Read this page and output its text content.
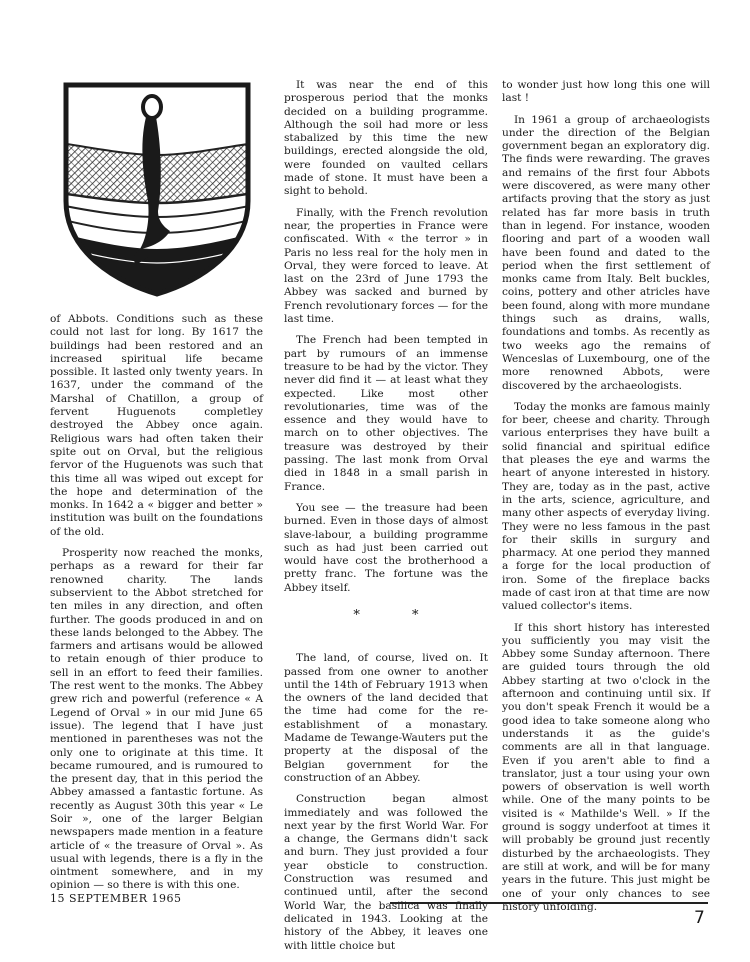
of Abbots. Conditions such as these could not last for long. By 1617 the buildings had been restored and an increased spiritual life became possible. It lasted only twenty years. In 1637, under the command of the Marshal of Chatillon, a group of fervent Huguenots completley destroyed the Abbey once again. Religious wars had often taken their spite out on Orval, but the religious fervor of the Huguenots was such that this time all was wiped out except for the hope and determination of the monks. In 1642 a « bigger and better » institution was built on the foundations of the old.

Prosperity now reached the monks, perhaps as a reward for their far renowned charity. The lands subservient to the Abbot stretched for ten miles in any direction, and often further. The goods produced in and on these lands belonged to the Abbey. The farmers and artisans would be allowed to retain enough of thier produce to sell in an effort to feed their families. The rest went to the monks. The Abbey grew rich and powerful (reference « A Legend of Orval » in our mid June 65 issue). The legend that I have just mentioned in parentheses was not the only one to originate at this time. It became rumoured, and is rumoured to the present day, that in this period the Abbey amassed a fantastic fortune. As recently as August 30th this year « Le Soir », one of the larger Belgian newspapers made mention in a feature article of « the treasure of Orval ». As usual with legends, there is a fly in the ointment somewhere, and in my opinion — so there is with this one.

It was near the end of this prosperous period that the monks decided on a building programme. Although the soil had more or less stabalized by this time the new buildings, erected alongside the old, were founded on vaulted cellars made of stone. It must have been a sight to behold.

Finally, with the French revolution near, the properties in France were confiscated. With « the terror » in Paris no less real for the holy men in Orval, they were forced to leave. At last on the 23rd of June 1793 the Abbey was sacked and burned by French revolutionary forces — for the last time.

The French had been tempted in part by rumours of an immense treasure to be had by the victor. They never did find it — at least what they expected. Like most other revolutionaries, time was of the essence and they would have to march on to other objectives. The treasure was destroyed by their passing. The last monk from Orval died in 1848 in a small parish in France.

You see — the treasure had been burned. Even in those days of almost slave-labour, a building programme such as had just been carried out would have cost the brotherhood a pretty franc. The fortune was the Abbey itself.

* *

The land, of course, lived on. It passed from one owner to another until the 14th of February 1913 when the owners of the land decided that the time had come for the re-establishment of a monastary. Madame de Tewange-Wauters put the property at the disposal of the Belgian government for the construction of an Abbey.

Construction began almost immediately and was followed the next year by the first World War. For a change, the Germans didn't sack and burn. They just provided a four year obsticle to construction. Construction was resumed and continued until, after the second World War, the basilica was finally delicated in 1943. Looking at the history of the Abbey, it leaves one with little choice but

to wonder just how long this one will last !

In 1961 a group of archaeologists under the direction of the Belgian government began an exploratory dig. The finds were rewarding. The graves and remains of the first four Abbots were discovered, as were many other artifacts proving that the story as just related has far more basis in truth than in legend. For instance, wooden flooring and part of a wooden wall have been found and dated to the period when the first settlement of monks came from Italy. Belt buckles, coins, pottery and other atricles have been found, along with more mundane things such as drains, walls, foundations and tombs. As recently as two weeks ago the remains of Wenceslas of Luxembourg, one of the more renowned Abbots, were discovered by the archaeologists.

Today the monks are famous mainly for beer, cheese and charity. Through various enterprises they have built a solid financial and spiritual edifice that pleases the eye and warms the heart of anyone interested in history. They are, today as in the past, active in the arts, science, agriculture, and many other aspects of everyday living. They were no less famous in the past for their skills in surgury and pharmacy. At one period they manned a forge for the local production of iron. Some of the fireplace backs made of cast iron at that time are now valued collector's items.

If this short history has interested you sufficiently you may visit the Abbey some Sunday afternoon. There are guided tours through the old Abbey starting at two o'clock in the afternoon and continuing until six. If you don't speak French it would be a good idea to take someone along who understands it as the guide's comments are all in that language. Even if you aren't able to find a translator, just a tour using your own powers of observation is well worth while. One of the many points to be visited is « Mathilde's Well. » If the ground is soggy underfoot at times it will probably be ground just recently disturbed by the archaeologists. They are still at work, and will be for many years in the future. This just might be one of your only chances to see history unfolding.

15 SEPTEMBER 1965
7
